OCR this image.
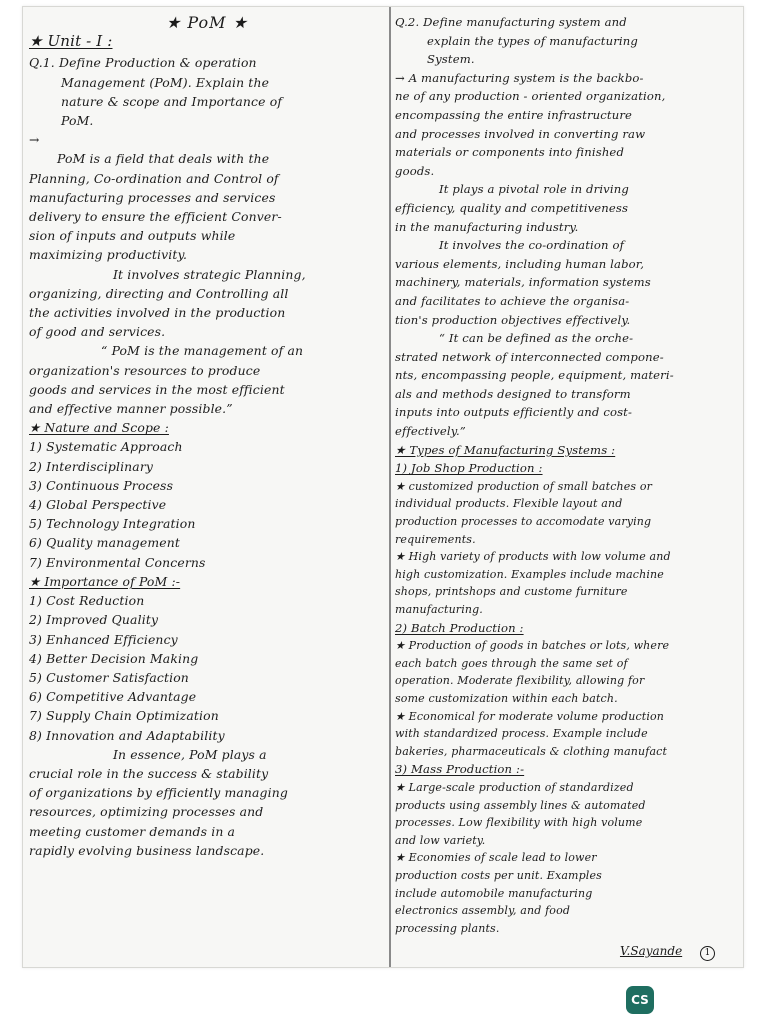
★ PoM ★
★ Unit - I :
Q.1. Define Production & operation
Management (PoM). Explain the
nature & scope and Importance of
PoM.
→
PoM is a field that deals with the
Planning, Co-ordination and Control of
manufacturing processes and services
delivery to ensure the efficient Conver-
sion of inputs and outputs while
maximizing productivity.
It involves strategic Planning,
organizing, directing and Controlling all
the activities involved in the production
of good and services.
“ PoM is the management of an
organization's resources to produce
goods and services in the most efficient
and effective manner possible.”
★ Nature and Scope :
1) Systematic Approach
2) Interdisciplinary
3) Continuous Process
4) Global Perspective
5) Technology Integration
6) Quality management
7) Environmental Concerns
★ Importance of PoM :-
1) Cost Reduction
2) Improved Quality
3) Enhanced Efficiency
4) Better Decision Making
5) Customer Satisfaction
6) Competitive Advantage
7) Supply Chain Optimization
8) Innovation and Adaptability
In essence, PoM plays a
crucial role in the success & stability
of organizations by efficiently managing
resources, optimizing processes and
meeting customer demands in a
rapidly evolving business landscape.
Q.2. Define manufacturing system and
explain the types of manufacturing
System.
→ A manufacturing system is the backbo-
ne of any production - oriented organization,
encompassing the entire infrastructure
and processes involved in converting raw
materials or components into finished
goods.
It plays a pivotal role in driving
efficiency, quality and competitiveness
in the manufacturing industry.
It involves the co-ordination of
various elements, including human labor,
machinery, materials, information systems
and facilitates to achieve the organisa-
tion's production objectives effectively.
“ It can be defined as the orche-
strated network of interconnected compone-
nts, encompassing people, equipment, materi-
als and methods designed to transform
inputs into outputs efficiently and cost-
effectively.”
★ Types of Manufacturing Systems :
1) Job Shop Production :
★ customized production of small batches or
individual products. Flexible layout and
production processes to accomodate varying
requirements.
★ High variety of products with low volume and
high customization. Examples include machine
shops, printshops and custome furniture
manufacturing.
2) Batch Production :
★ Production of goods in batches or lots, where
each batch goes through the same set of
operation. Moderate flexibility, allowing for
some customization within each batch.
★ Economical for moderate volume production
with standardized process. Example include
bakeries, pharmaceuticals & clothing manufact
3) Mass Production :-
★ Large-scale production of standardized
products using assembly lines & automated
processes. Low flexibility with high volume
and low variety.
★ Economies of scale lead to lower
production costs per unit. Examples
include automobile manufacturing
electronics assembly, and food
processing plants.
V.Sayande 1
CS
